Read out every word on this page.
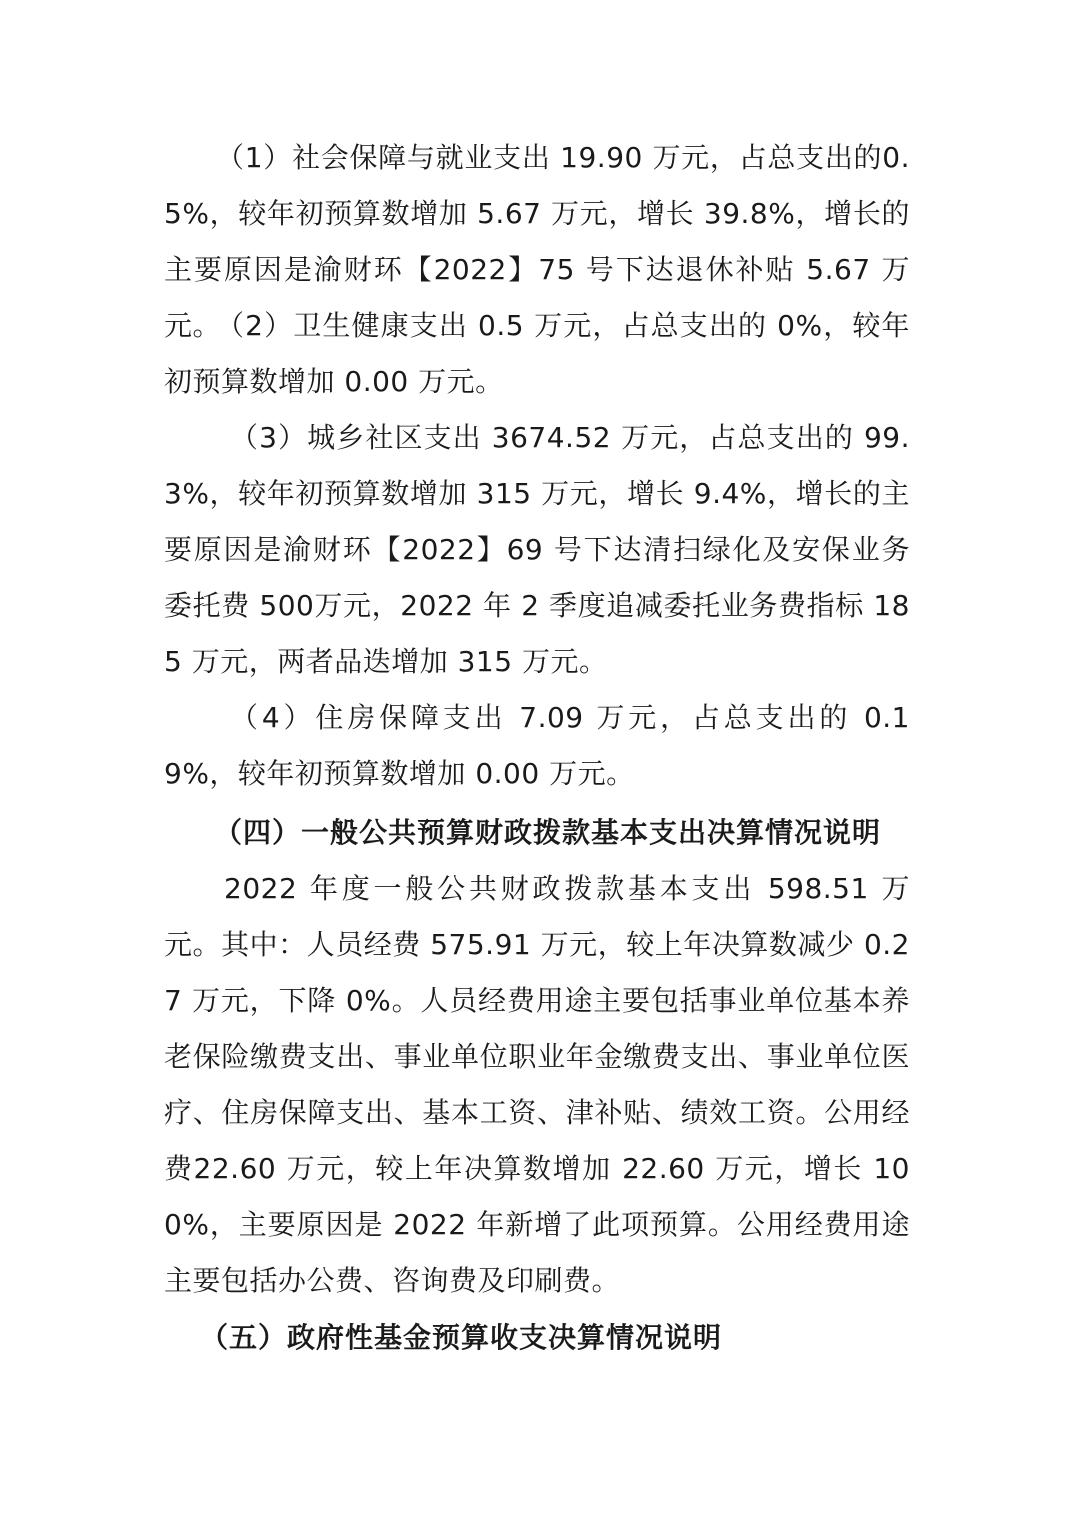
（1）社会保障与就业支出 19.90 万元，占总支出的0.5%，较年初预算数增加 5.67 万元，增长 39.8%，增长的主要原因是渝财环【2022】75 号下达退休补贴 5.67 万元。
（2）卫生健康支出 0.5 万元，占总支出的 0%，较年初预算数增加 0.00 万元。
（3）城乡社区支出 3674.52 万元，占总支出的 99.3%，较年初预算数增加 315 万元，增长 9.4%，增长的主要原因是渝财环【2022】69 号下达清扫绿化及安保业务委托费 500万元，2022 年 2 季度追减委托业务费指标 185 万元，两者品迭增加 315 万元。
（4）住房保障支出 7.09 万元，占总支出的 0.19%，较年初预算数增加 0.00 万元。
（四）一般公共预算财政拨款基本支出决算情况说明
2022 年度一般公共财政拨款基本支出 598.51 万元。其中：人员经费 575.91 万元，较上年决算数减少 0.27 万元，下降 0%。人员经费用途主要包括事业单位基本养老保险缴费支出、事业单位职业年金缴费支出、事业单位医疗、住房保障支出、基本工资、津补贴、绩效工资。公用经费22.60 万元，较上年决算数增加 22.60 万元，增长 100%，主要原因是 2022 年新增了此项预算。公用经费用途主要包括办公费、咨询费及印刷费。
（五）政府性基金预算收支决算情况说明
